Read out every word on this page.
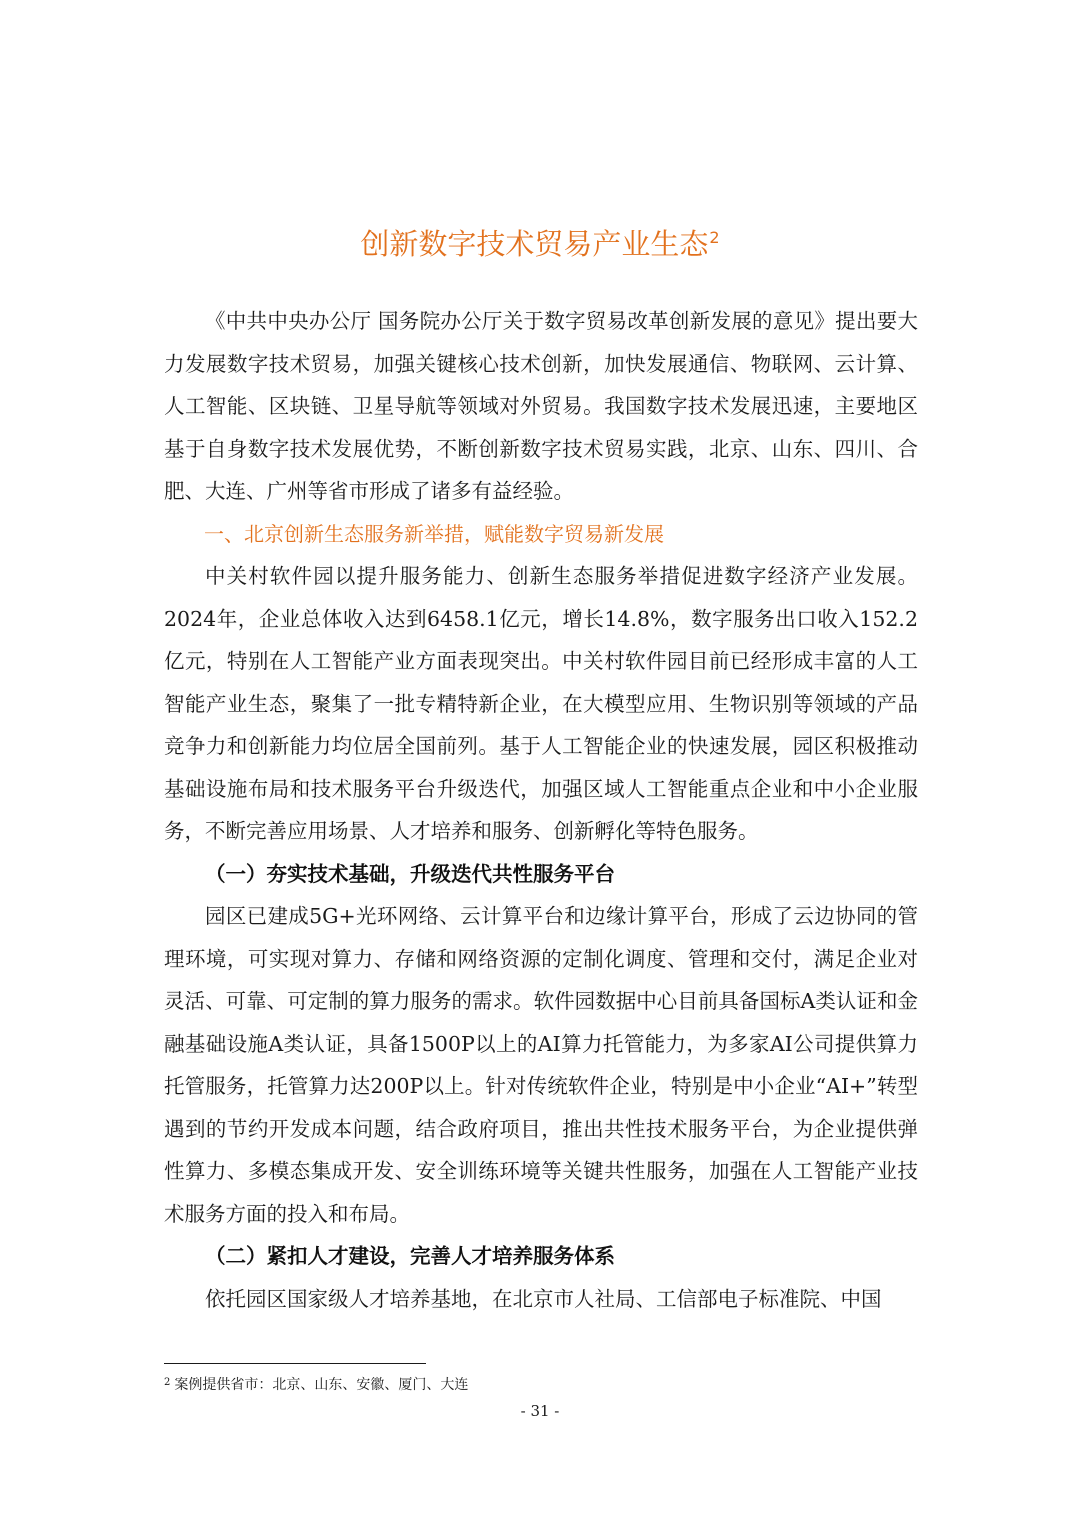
创新数字技术贸易产业生态$^2$

《中共中央办公厅 国务院办公厅关于数字贸易改革创新发展的意见》提出要大力发展数字技术贸易，加强关键核心技术创新，加快发展通信、物联网、云计算、人工智能、区块链、卫星导航等领域对外贸易。我国数字技术发展迅速，主要地区基于自身数字技术发展优势，不断创新数字技术贸易实践，北京、山东、四川、合肥、大连、广州等省市形成了诸多有益经验。

一、北京创新生态服务新举措，赋能数字贸易新发展

中关村软件园以提升服务能力、创新生态服务举措促进数字经济产业发展。2024年，企业总体收入达到6458.1亿元，增长14.8%，数字服务出口收入152.2亿元，特别在人工智能产业方面表现突出。中关村软件园目前已经形成丰富的人工智能产业生态，聚集了一批专精特新企业，在大模型应用、生物识别等领域的产品竞争力和创新能力均位居全国前列。基于人工智能企业的快速发展，园区积极推动基础设施布局和技术服务平台升级迭代，加强区域人工智能重点企业和中小企业服务，不断完善应用场景、人才培养和服务、创新孵化等特色服务。

（一）夯实技术基础，升级迭代共性服务平台

园区已建成5G+光环网络、云计算平台和边缘计算平台，形成了云边协同的管理环境，可实现对算力、存储和网络资源的定制化调度、管理和交付，满足企业对灵活、可靠、可定制的算力服务的需求。软件园数据中心目前具备国标A类认证和金融基础设施A类认证，具备1500P以上的AI算力托管能力，为多家AI公司提供算力托管服务，托管算力达200P以上。针对传统软件企业，特别是中小企业“AI+”转型遇到的节约开发成本问题，结合政府项目，推出共性技术服务平台，为企业提供弹性算力、多模态集成开发、安全训练环境等关键共性服务，加强在人工智能产业技术服务方面的投入和布局。

（二）紧扣人才建设，完善人才培养服务体系

依托园区国家级人才培养基地，在北京市人社局、工信部电子标准院、中国

$^2$ 案例提供省市：北京、山东、安徽、厦门、大连
- 31 -
